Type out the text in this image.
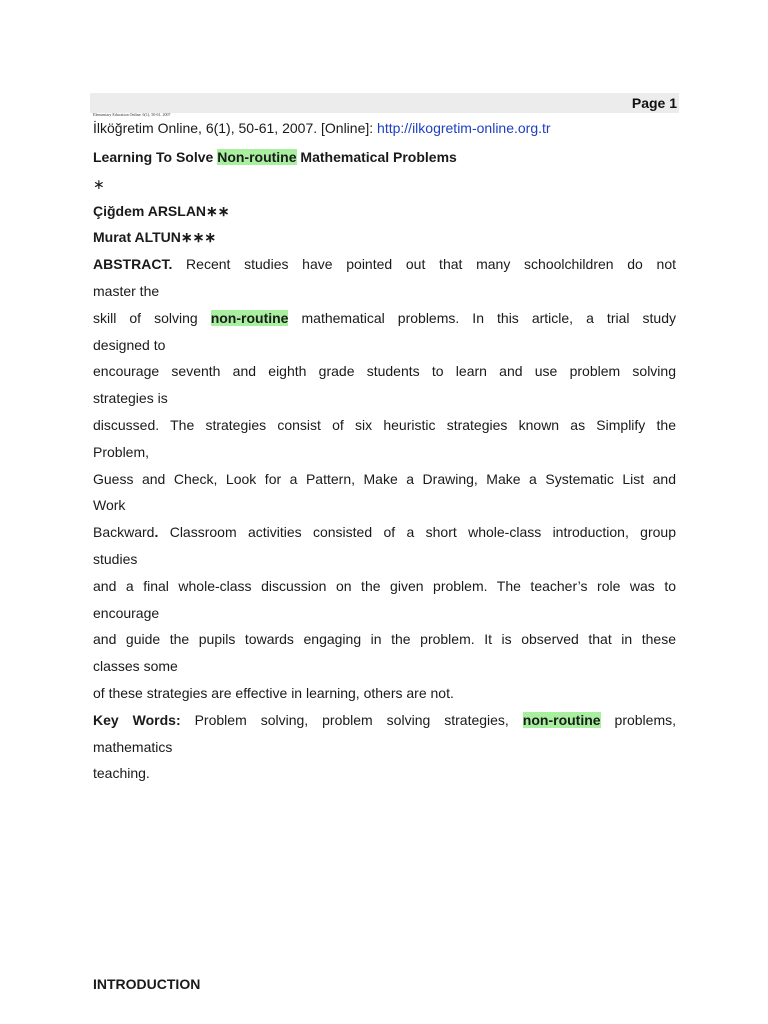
Page 1
Elementary Education Online, 6(1), 50-61, 2007
İlköğretim Online, 6(1), 50-61, 2007. [Online]: http://ilkogretim-online.org.tr
Learning To Solve Non-routine Mathematical Problems
∗
Çiğdem ARSLAN∗∗
Murat ALTUN∗∗∗
ABSTRACT. Recent studies have pointed out that many schoolchildren do not
master the
skill of solving non-routine mathematical problems. In this article, a trial study
designed to
encourage seventh and eighth grade students to learn and use problem solving
strategies is
discussed. The strategies consist of six heuristic strategies known as Simplify the
Problem,
Guess and Check, Look for a Pattern, Make a Drawing, Make a Systematic List and
Work
Backward. Classroom activities consisted of a short whole-class introduction, group
studies
and a final whole-class discussion on the given problem. The teacher’s role was to
encourage
and guide the pupils towards engaging in the problem. It is observed that in these
classes some
of these strategies are effective in learning, others are not.
Key Words: Problem solving, problem solving strategies, non-routine problems,
mathematics
teaching.
INTRODUCTION
